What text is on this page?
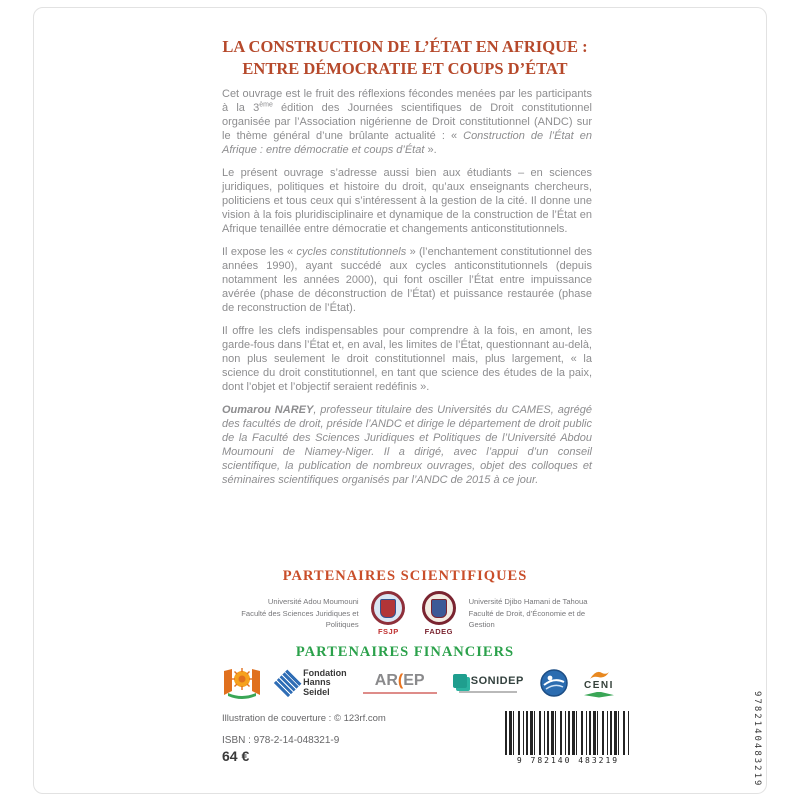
LA CONSTRUCTION DE L’ÉTAT EN AFRIQUE :
ENTRE DÉMOCRATIE ET COUPS D’ÉTAT

Cet ouvrage est le fruit des réflexions fécondes menées par les participants à la 3ème édition des Journées scientifiques de Droit constitutionnel organisée par l’Association nigérienne de Droit constitutionnel (ANDC) sur le thème général d’une brûlante actualité : « Construction de l’État en Afrique : entre démocratie et coups d’État ».

Le présent ouvrage s’adresse aussi bien aux étudiants – en sciences juridiques, politiques et histoire du droit, qu’aux enseignants chercheurs, politiciens et tous ceux qui s’intéressent à la gestion de la cité. Il donne une vision à la fois pluridisciplinaire et dynamique de la construction de l’État en Afrique tenaillée entre démocratie et changements anticonstitutionnels.

Il expose les « cycles constitutionnels » (l’enchantement constitutionnel des années 1990), ayant succédé aux cycles anticonstitutionnels (depuis notamment les années 2000), qui font osciller l’État entre impuissance avérée (phase de déconstruction de l’État) et puissance restaurée (phase de reconstruction de l’État).

Il offre les clefs indispensables pour comprendre à la fois, en amont, les garde-fous dans l’État et, en aval, les limites de l’État, questionnant au-delà, non plus seulement le droit constitutionnel mais, plus largement, « la science du droit constitutionnel, en tant que science des études de la paix, dont l’objet et l’objectif seraient redéfinis ».

Oumarou NAREY, professeur titulaire des Universités du CAMES, agrégé des facultés de droit, préside l’ANDC et dirige le département de droit public de la Faculté des Sciences Juridiques et Politiques de l’Université Abdou Moumouni de Niamey-Niger. Il a dirigé, avec l’appui d’un conseil scientifique, la publication de nombreux ouvrages, objet des colloques et séminaires scientifiques organisés par l’ANDC de 2015 à ce jour.

PARTENAIRES SCIENTIFIQUES
Université Adou Moumouni
Faculté des Sciences Juridiques et Politiques
FSJP	FADEG
Université Djibo Hamani de Tahoua
Faculté de Droit, d’Économie et de Gestion
PARTENAIRES FINANCIERS
Fondation
Hanns
Seidel
AR(EP	SONIDEP	CENI
Illustration de couverture : © 123rf.com
ISBN : 978-2-14-048321-9
64 €	9 782140 483219	9782140483219
